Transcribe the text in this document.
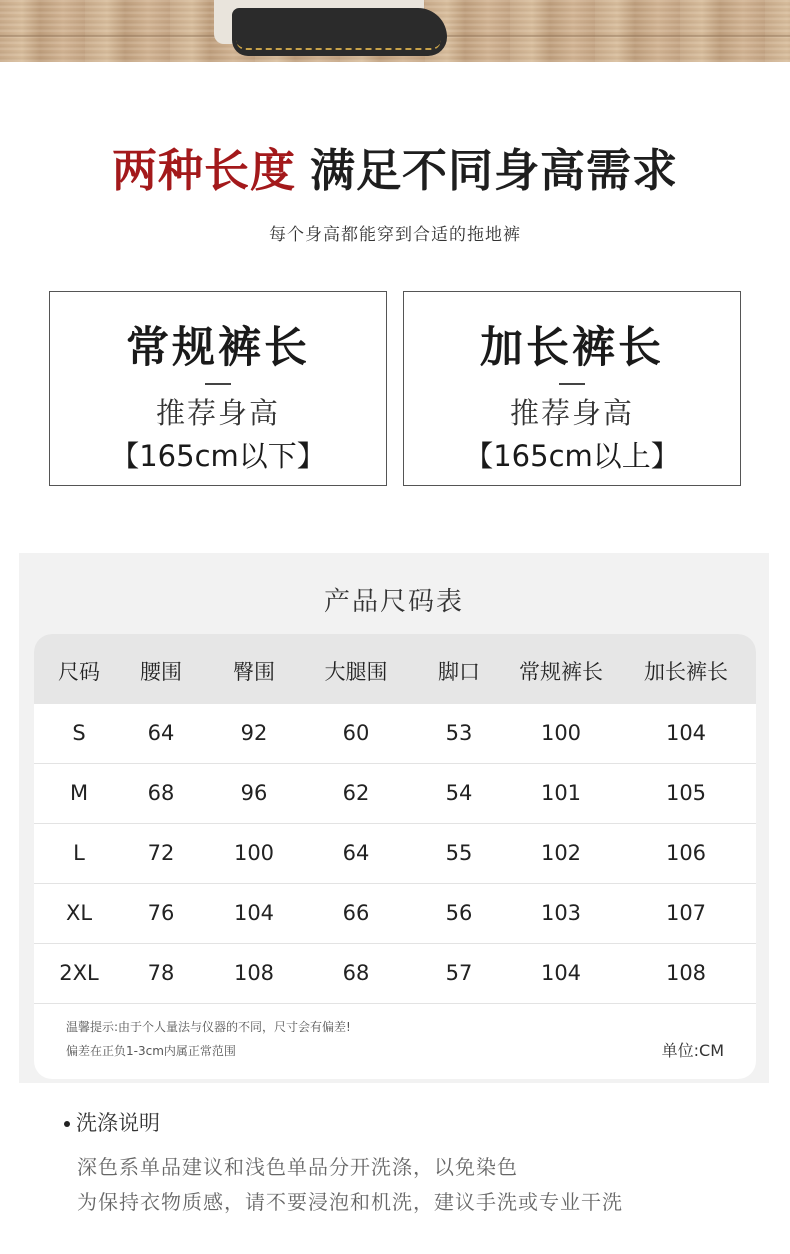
两种长度 满足不同身高需求
每个身高都能穿到合适的拖地裤
常规裤长
推荐身高
【165cm以下】
加长裤长
推荐身高
【165cm以上】
产品尺码表
尺码 腰围 臀围 大腿围 脚口 常规裤长 加长裤长
S	64	92	60	53	100	104
M	68	96	62	54	101	105
L	72	100	64	55	102	106
XL	76	104	66	56	103	107
2XL 78	108	68	57	104	108
温馨提示:由于个人量法与仪器的不同，尺寸会有偏差!
偏差在正负1-3cm内属正常范围	单位:CM
洗涤说明
深色系单品建议和浅色单品分开洗涤，以免染色
为保持衣物质感，请不要浸泡和机洗，建议手洗或专业干洗
